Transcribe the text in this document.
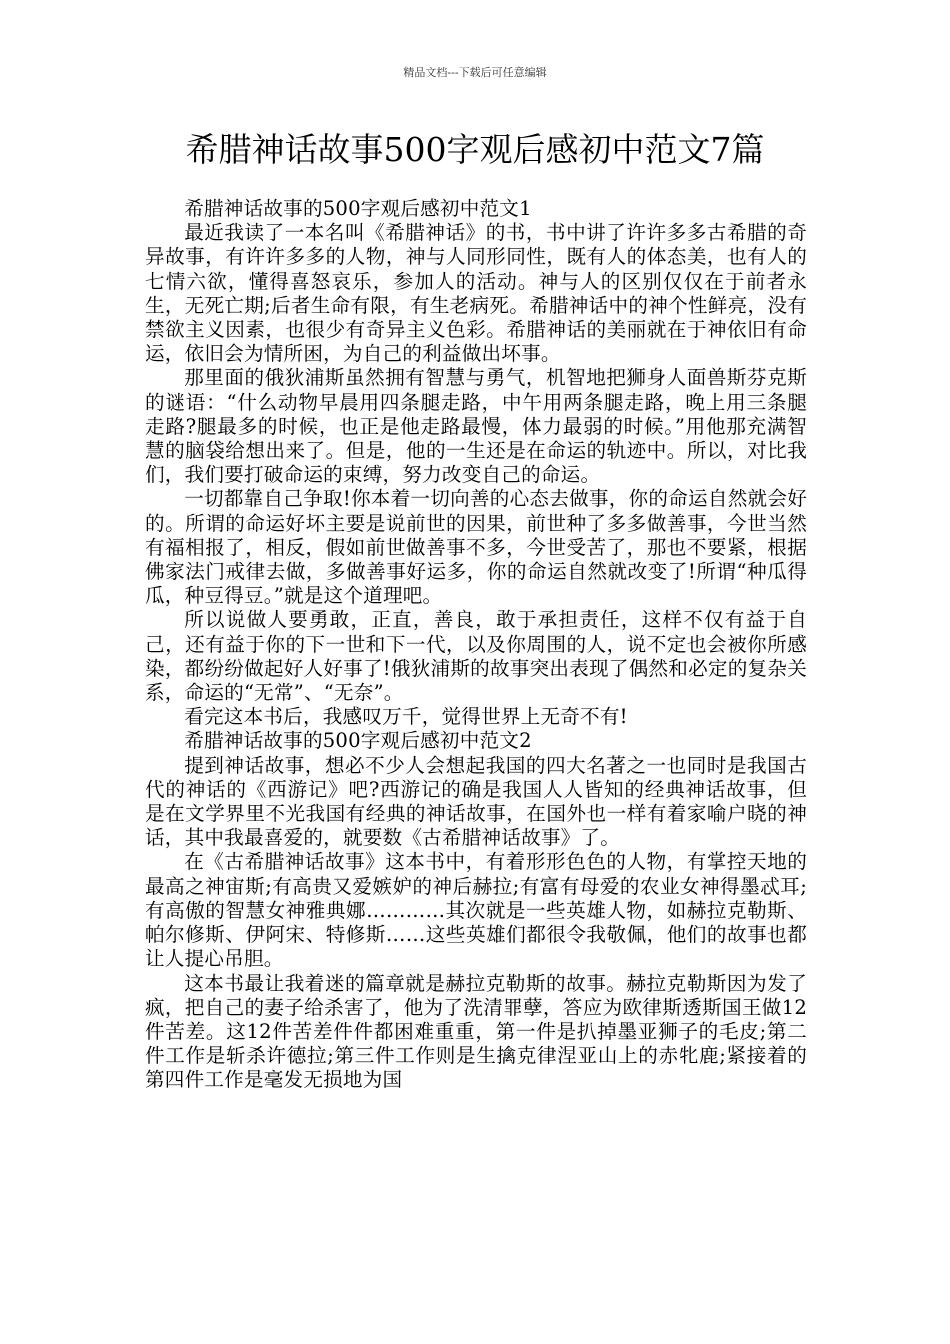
精品文档---下载后可任意编辑
希腊神话故事500字观后感初中范文7篇

希腊神话故事的500字观后感初中范文1

最近我读了一本名叫《希腊神话》的书，书中讲了许许多多古希腊的奇异故事，有许许多多的人物，神与人同形同性，既有人的体态美，也有人的七情六欲，懂得喜怒哀乐，参加人的活动。神与人的区别仅仅在于前者永生，无死亡期;后者生命有限，有生老病死。希腊神话中的神个性鲜亮，没有禁欲主义因素，也很少有奇异主义色彩。希腊神话的美丽就在于神依旧有命运，依旧会为情所困，为自己的利益做出坏事。

那里面的俄狄浦斯虽然拥有智慧与勇气，机智地把狮身人面兽斯芬克斯的谜语：“什么动物早晨用四条腿走路，中午用两条腿走路，晚上用三条腿走路?腿最多的时候，也正是他走路最慢，体力最弱的时候。”用他那充满智慧的脑袋给想出来了。但是，他的一生还是在命运的轨迹中。所以，对比我们，我们要打破命运的束缚，努力改变自己的命运。

一切都靠自己争取!你本着一切向善的心态去做事，你的命运自然就会好的。所谓的命运好坏主要是说前世的因果，前世种了多多做善事，今世当然有福相报了，相反，假如前世做善事不多，今世受苦了，那也不要紧，根据佛家法门戒律去做，多做善事好运多，你的命运自然就改变了!所谓“种瓜得瓜，种豆得豆。”就是这个道理吧。

所以说做人要勇敢，正直，善良，敢于承担责任，这样不仅有益于自己，还有益于你的下一世和下一代，以及你周围的人，说不定也会被你所感染，都纷纷做起好人好事了!俄狄浦斯的故事突出表现了偶然和必定的复杂关系，命运的“无常”、“无奈”。

看完这本书后，我感叹万千，觉得世界上无奇不有!

希腊神话故事的500字观后感初中范文2

提到神话故事，想必不少人会想起我国的四大名著之一也同时是我国古代的神话的《西游记》吧?西游记的确是我国人人皆知的经典神话故事，但是在文学界里不光我国有经典的神话故事，在国外也一样有着家喻户晓的神话，其中我最喜爱的，就要数《古希腊神话故事》了。

在《古希腊神话故事》这本书中，有着形形色色的人物，有掌控天地的最高之神宙斯;有高贵又爱嫉妒的神后赫拉;有富有母爱的农业女神得墨忒耳;有高傲的智慧女神雅典娜…………其次就是一些英雄人物，如赫拉克勒斯、帕尔修斯、伊阿宋、特修斯……这些英雄们都很令我敬佩，他们的故事也都让人提心吊胆。

这本书最让我着迷的篇章就是赫拉克勒斯的故事。赫拉克勒斯因为发了疯，把自己的妻子给杀害了，他为了洗清罪孽，答应为欧律斯透斯国王做12件苦差。这12件苦差件件都困难重重，第一件是扒掉墨亚狮子的毛皮;第二件工作是斩杀许德拉;第三件工作则是生擒克律涅亚山上的赤牝鹿;紧接着的第四件工作是毫发无损地为国
